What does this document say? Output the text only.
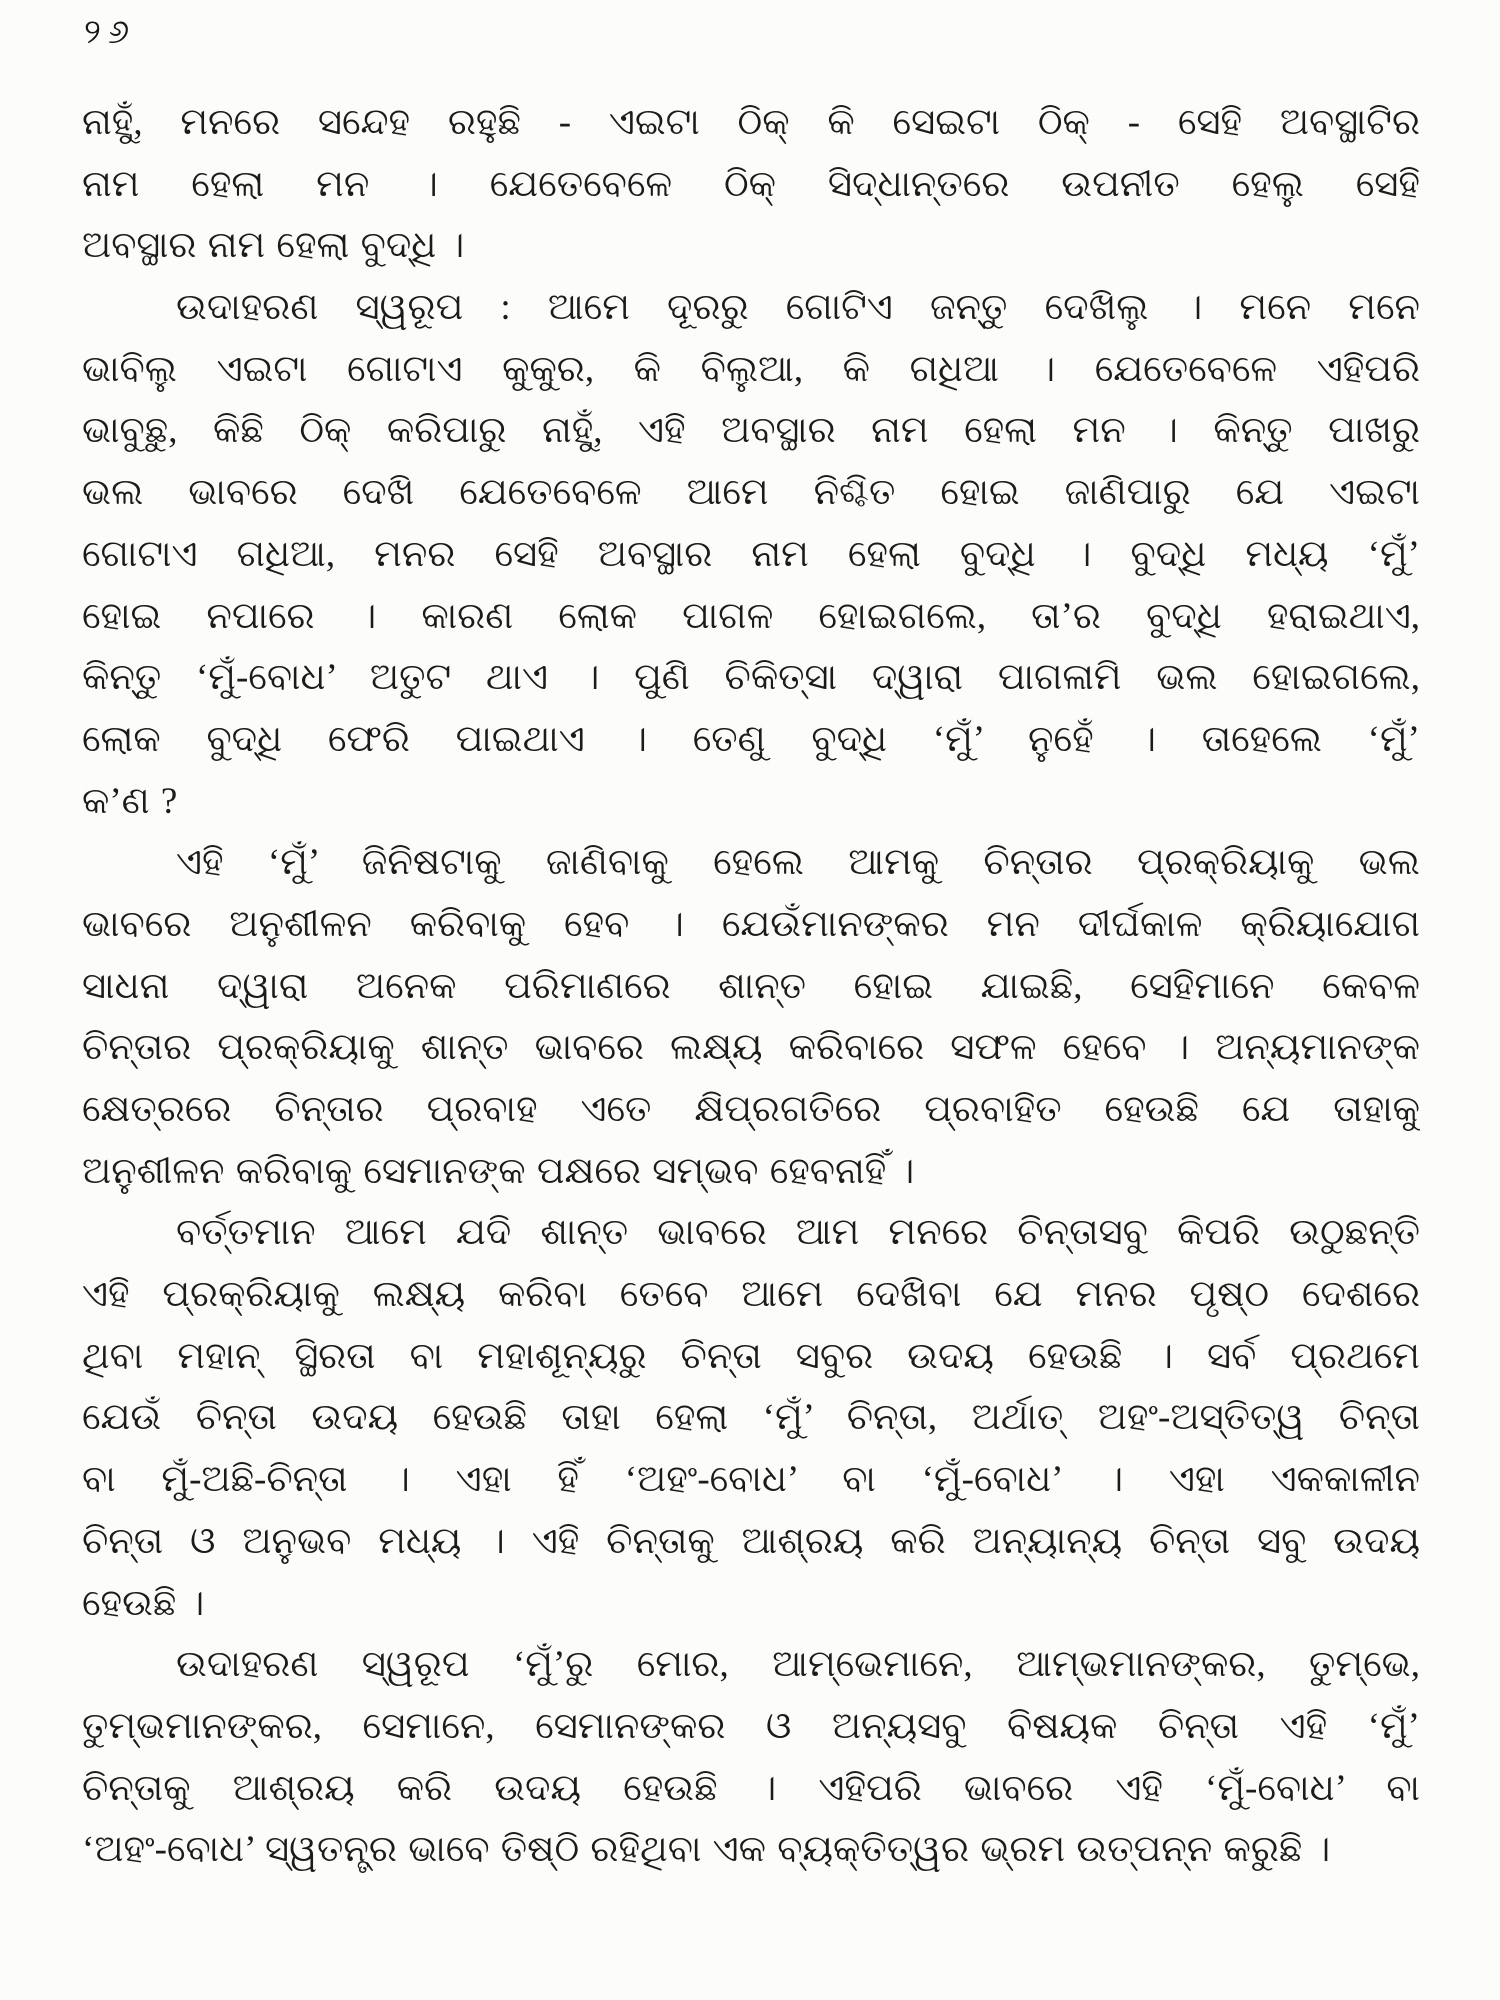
୨୬
ନାହୁଁ, ମନରେ ସନ୍ଦେହ ରହୁଛି - ଏଇଟା ଠିକ୍ କି ସେଇଟା ଠିକ୍ - ସେହି ଅବସ୍ଥାଟିର
ନାମ ହେଲା ମନ । ଯେତେବେଳେ ଠିକ୍ ସିଦ୍ଧାନ୍ତରେ ଉପନୀତ ହେଲୁ ସେହି
ଅବସ୍ଥାର ନାମ ହେଲା ବୁଦ୍ଧି ।
ଉଦାହରଣ ସ୍ୱରୂପ : ଆମେ ଦୂରରୁ ଗୋଟିଏ ଜନ୍ତୁ ଦେଖିଲୁ । ମନେ ମନେ
ଭାବିଲୁ ଏଇଟା ଗୋଟାଏ କୁକୁର, କି ବିଲୁଆ, କି ଗଧିଆ । ଯେତେବେଳେ ଏହିପରି
ଭାବୁଛୁ, କିଛି ଠିକ୍ କରିପାରୁ ନାହୁଁ, ଏହି ଅବସ୍ଥାର ନାମ ହେଲା ମନ । କିନ୍ତୁ ପାଖରୁ
ଭଲ ଭାବରେ ଦେଖି ଯେତେବେଳେ ଆମେ ନିଶ୍ଚିତ ହୋଇ ଜାଣିପାରୁ ଯେ ଏଇଟା
ଗୋଟାଏ ଗଧିଆ, ମନର ସେହି ଅବସ୍ଥାର ନାମ ହେଲା ବୁଦ୍ଧି । ବୁଦ୍ଧି ମଧ୍ୟ ‘ମୁଁ’
ହୋଇ ନପାରେ । କାରଣ ଲୋକ ପାଗଳ ହୋଇଗଲେ, ତା’ର ବୁଦ୍ଧି ହରାଇଥାଏ,
କିନ୍ତୁ ‘ମୁଁ-ବୋଧ’ ଅତୁଟ ଥାଏ । ପୁଣି ଚିକିତ୍ସା ଦ୍ୱାରା ପାଗଳାମି ଭଲ ହୋଇଗଲେ,
ଲୋକ ବୁଦ୍ଧି ଫେରି ପାଇଥାଏ । ତେଣୁ ବୁଦ୍ଧି ‘ମୁଁ’ ନୁହେଁ । ତାହେଲେ ‘ମୁଁ’
କ’ଣ ?
ଏହି ‘ମୁଁ’ ଜିନିଷଟାକୁ ଜାଣିବାକୁ ହେଲେ ଆମକୁ ଚିନ୍ତାର ପ୍ରକ୍ରିୟାକୁ ଭଲ
ଭାବରେ ଅନୁଶୀଳନ କରିବାକୁ ହେବ । ଯେଉଁମାନଙ୍କର ମନ ଦୀର୍ଘକାଳ କ୍ରିୟାଯୋଗ
ସାଧନା ଦ୍ୱାରା ଅନେକ ପରିମାଣରେ ଶାନ୍ତ ହୋଇ ଯାଇଛି, ସେହିମାନେ କେବଳ
ଚିନ୍ତାର ପ୍ରକ୍ରିୟାକୁ ଶାନ୍ତ ଭାବରେ ଲକ୍ଷ୍ୟ କରିବାରେ ସଫଳ ହେବେ । ଅନ୍ୟମାନଙ୍କ
କ୍ଷେତ୍ରରେ ଚିନ୍ତାର ପ୍ରବାହ ଏତେ କ୍ଷିପ୍ରଗତିରେ ପ୍ରବାହିତ ହେଉଛି ଯେ ତାହାକୁ
ଅନୁଶୀଳନ କରିବାକୁ ସେମାନଙ୍କ ପକ୍ଷରେ ସମ୍ଭବ ହେବନାହିଁ ।
ବର୍ତ୍ତମାନ ଆମେ ଯଦି ଶାନ୍ତ ଭାବରେ ଆମ ମନରେ ଚିନ୍ତାସବୁ କିପରି ଉଠୁଛନ୍ତି
ଏହି ପ୍ରକ୍ରିୟାକୁ ଲକ୍ଷ୍ୟ କରିବା ତେବେ ଆମେ ଦେଖିବା ଯେ ମନର ପୃଷ୍ଠ ଦେଶରେ
ଥିବା ମହାନ୍ ସ୍ଥିରତା ବା ମହାଶୂନ୍ୟରୁ ଚିନ୍ତା ସବୁର ଉଦୟ ହେଉଛି । ସର୍ବ ପ୍ରଥମେ
ଯେଉଁ ଚିନ୍ତା ଉଦୟ ହେଉଛି ତାହା ହେଲା ‘ମୁଁ’ ଚିନ୍ତା, ଅର୍ଥାତ୍ ଅହଂ-ଅସ୍ତିତ୍ୱ ଚିନ୍ତା
ବା ମୁଁ-ଅଛି-ଚିନ୍ତା । ଏହା ହିଁ ‘ଅହଂ-ବୋଧ’ ବା ‘ମୁଁ-ବୋଧ’ । ଏହା ଏକକାଳୀନ
ଚିନ୍ତା ଓ ଅନୁଭବ ମଧ୍ୟ । ଏହି ଚିନ୍ତାକୁ ଆଶ୍ରୟ କରି ଅନ୍ୟାନ୍ୟ ଚିନ୍ତା ସବୁ ଉଦୟ
ହେଉଛି ।
ଉଦାହରଣ ସ୍ୱରୂପ ‘ମୁଁ’ରୁ ମୋର, ଆମ୍ଭେମାନେ, ଆମ୍ଭମାନଙ୍କର, ତୁମ୍ଭେ,
ତୁମ୍ଭମାନଙ୍କର, ସେମାନେ, ସେମାନଙ୍କର ଓ ଅନ୍ୟସବୁ ବିଷୟକ ଚିନ୍ତା ଏହି ‘ମୁଁ’
ଚିନ୍ତାକୁ ଆଶ୍ରୟ କରି ଉଦୟ ହେଉଛି । ଏହିପରି ଭାବରେ ଏହି ‘ମୁଁ-ବୋଧ’ ବା
‘ଅହଂ-ବୋଧ’ ସ୍ୱତନ୍ତ୍ର ଭାବେ ତିଷ୍ଠି ରହିଥିବା ଏକ ବ୍ୟକ୍ତିତ୍ୱର ଭ୍ରମ ଉତ୍ପନ୍ନ କରୁଛି ।
